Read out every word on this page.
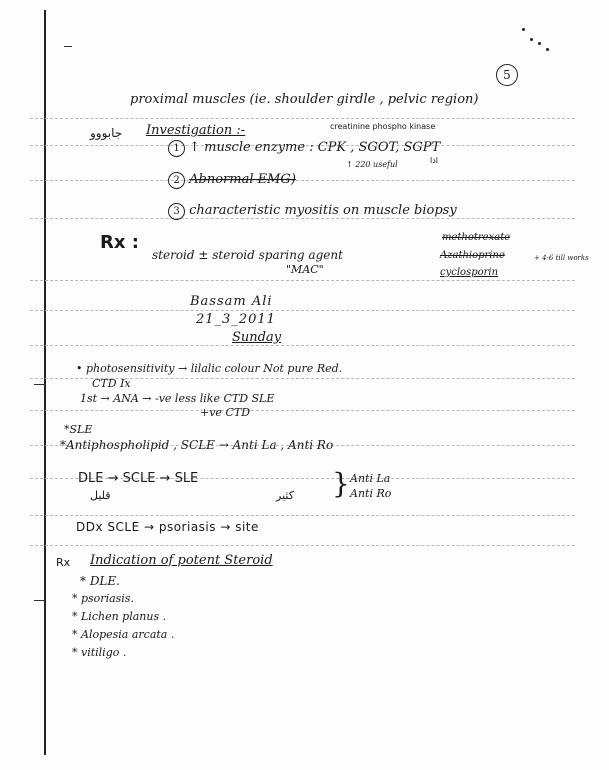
5
proximal muscles (ie. shoulder girdle , pelvic region)
جابووو Investigation :-	creatinine phospho kinase
1 ↑ muscle enzyme : CPK , SGOT, SGPT
↑ 220 useful	اذا
2 Abnormal EMG)
3 characteristic myositis on muscle biopsy
Rx :
steroid ± steroid sparing agent
"MAC"
methotrexate
Azathioprine
cyclosporin
+ 4-6 till works
Bassam Ali
21_3_2011
Sunday
• photosensitivity → lilalic colour Not pure Red.
CTD Ix
1st → ANA → -ve less like CTD SLE
+ve CTD
*SLE
*Antiphospholipid , SCLE → Anti La , Anti Ro
DLE → SCLE → SLE
قليل	كثير } Anti La
Anti Ro
DDx SCLE → psoriasis → site
Rx Indication of potent Steroid
* DLE.
* psoriasis.
* Lichen planus .
* Alopesia arcata .
* vitiligo .
